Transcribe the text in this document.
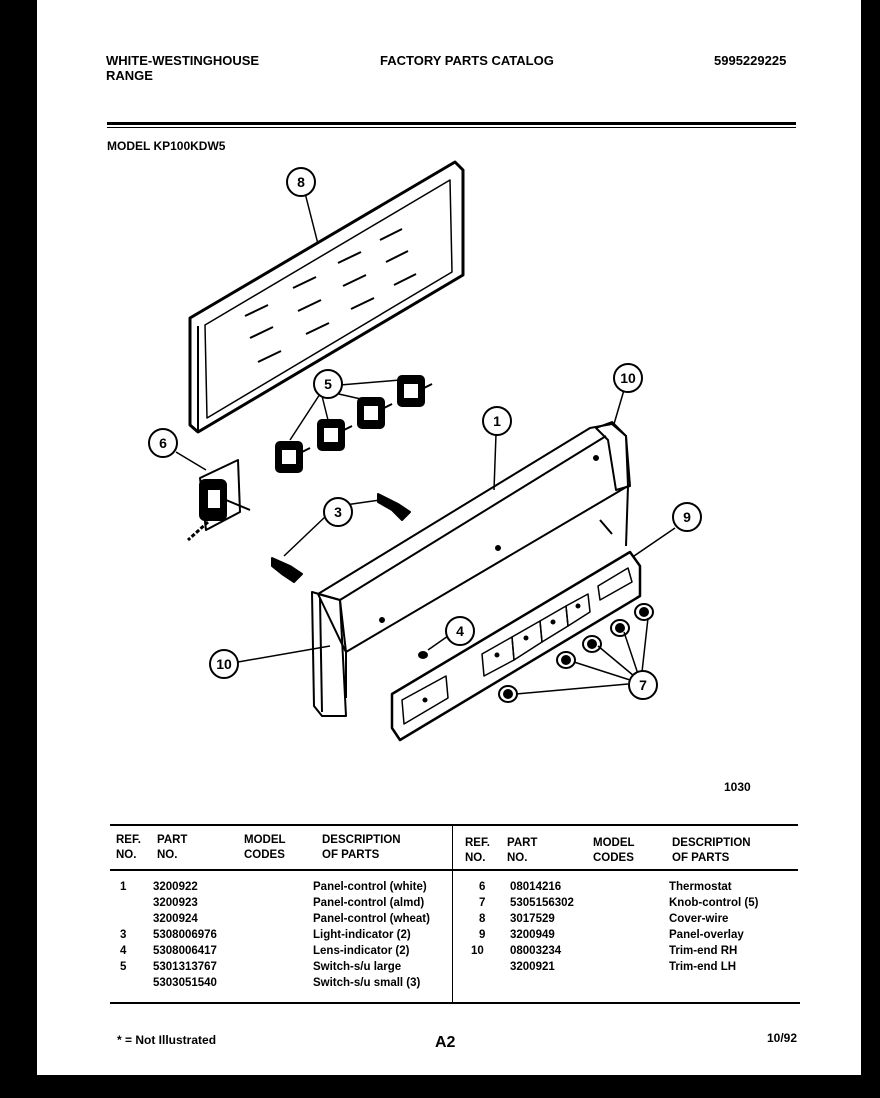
WHITE-WESTINGHOUSE
RANGE
FACTORY PARTS CATALOG	5995229225
MODEL KP100KDW5
8
5	10
1
6
3	9
4
10
7
1030
REF.
NO.
PART
NO.
MODEL
CODES
DESCRIPTION
OF PARTS
REF.
NO.
PART
NO.
MODEL
CODES
DESCRIPTION
OF PARTS
1 3200922	Panel-control (white)
3200923	Panel-control (almd)
3200924	Panel-control (wheat)
3 5308006976	Light-indicator (2)
4 5308006417	Lens-indicator (2)
5 5301313767	Switch-s/u large
5303051540	Switch-s/u small (3)
6 08014216	Thermostat
7 5305156302	Knob-control (5)
8 3017529	Cover-wire
9 3200949	Panel-overlay
10 08003234	Trim-end RH
3200921	Trim-end LH
* = Not Illustrated	A2	10/92
